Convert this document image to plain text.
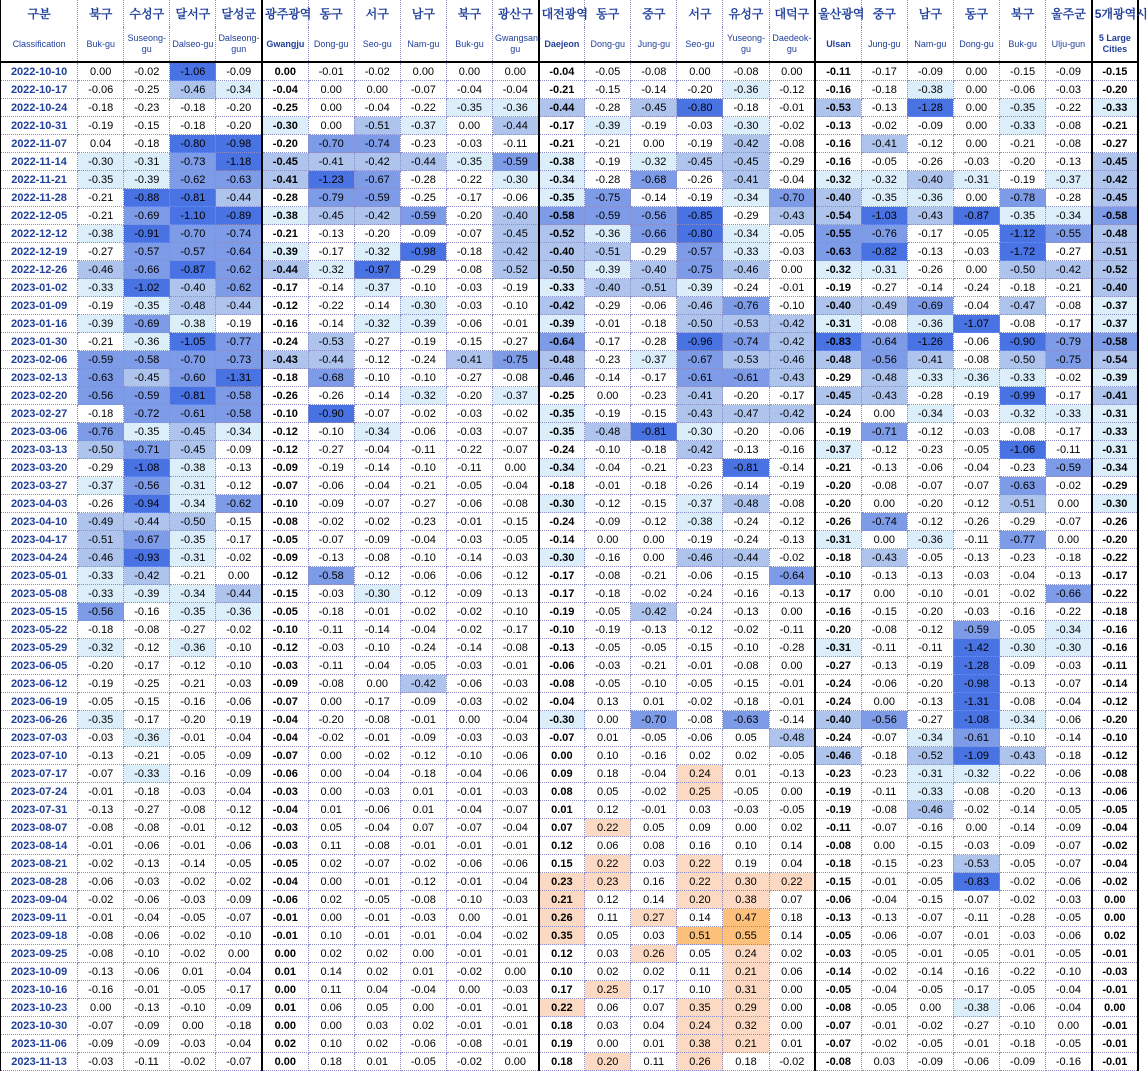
구분	북구	수성구	달서구	달성군	광주광역	동구	서구	남구	북구	광산구	대전광역	동구	중구	서구	유성구	대덕구	울산광역	중구	남구	동구	북구	울주군	5개광역시
Classification	Buk-gu	Suseong-gu	Dalseo-gu	Dalseong-gun	Gwangju	Dong-gu	Seo-gu	Nam-gu	Buk-gu	Gwangsan-gu	Daejeon	Dong-gu	Jung-gu	Seo-gu	Yuseong-gu	Daedeok-gu	Ulsan	Jung-gu	Nam-gu	Dong-gu	Buk-gu	Ulju-gun	5 Large Cities
2022-10-10	0.00	-0.02	-1.06	-0.09	0.00	-0.01	-0.02	0.00	0.00	0.00	-0.04	-0.05	-0.08	0.00	-0.08	0.00	-0.11	-0.17	-0.09	0.00	-0.15	-0.09	-0.15
2022-10-17	-0.06	-0.25	-0.46	-0.34	-0.04	0.00	0.00	-0.07	-0.04	-0.04	-0.21	-0.15	-0.14	-0.20	-0.36	-0.12	-0.16	-0.18	-0.38	0.00	-0.06	-0.03	-0.20
2022-10-24	-0.18	-0.23	-0.18	-0.20	-0.25	0.00	-0.04	-0.22	-0.35	-0.36	-0.44	-0.28	-0.45	-0.80	-0.18	-0.01	-0.53	-0.13	-1.28	0.00	-0.35	-0.22	-0.33
2022-10-31	-0.19	-0.15	-0.18	-0.20	-0.30	0.00	-0.51	-0.37	0.00	-0.44	-0.17	-0.39	-0.19	-0.03	-0.30	-0.02	-0.13	-0.02	-0.09	0.00	-0.33	-0.08	-0.21
2022-11-07	0.04	-0.18	-0.80	-0.98	-0.20	-0.70	-0.74	-0.23	-0.03	-0.11	-0.21	-0.21	0.00	-0.19	-0.42	-0.08	-0.16	-0.41	-0.12	0.00	-0.21	-0.08	-0.27
2022-11-14	-0.30	-0.31	-0.73	-1.18	-0.45	-0.41	-0.42	-0.44	-0.35	-0.59	-0.38	-0.19	-0.32	-0.45	-0.45	-0.29	-0.16	-0.05	-0.26	-0.03	-0.20	-0.13	-0.45
2022-11-21	-0.35	-0.39	-0.62	-0.63	-0.41	-1.23	-0.67	-0.28	-0.22	-0.30	-0.34	-0.28	-0.68	-0.26	-0.41	-0.04	-0.32	-0.32	-0.40	-0.31	-0.19	-0.37	-0.42
2022-11-28	-0.21	-0.88	-0.81	-0.44	-0.28	-0.79	-0.59	-0.25	-0.17	-0.06	-0.35	-0.75	-0.14	-0.19	-0.34	-0.70	-0.40	-0.35	-0.36	0.00	-0.78	-0.28	-0.45
2022-12-05	-0.21	-0.69	-1.10	-0.89	-0.38	-0.45	-0.42	-0.59	-0.20	-0.40	-0.58	-0.59	-0.56	-0.85	-0.29	-0.43	-0.54	-1.03	-0.43	-0.87	-0.35	-0.34	-0.58
2022-12-12	-0.38	-0.91	-0.70	-0.74	-0.21	-0.13	-0.20	-0.09	-0.07	-0.45	-0.52	-0.36	-0.66	-0.80	-0.34	-0.05	-0.55	-0.76	-0.17	-0.05	-1.12	-0.55	-0.48
2022-12-19	-0.27	-0.57	-0.57	-0.64	-0.39	-0.17	-0.32	-0.98	-0.18	-0.42	-0.40	-0.51	-0.29	-0.57	-0.33	-0.03	-0.63	-0.82	-0.13	-0.03	-1.72	-0.27	-0.51
2022-12-26	-0.46	-0.66	-0.87	-0.62	-0.44	-0.32	-0.97	-0.29	-0.08	-0.52	-0.50	-0.39	-0.40	-0.75	-0.46	0.00	-0.32	-0.31	-0.26	0.00	-0.50	-0.42	-0.52
2023-01-02	-0.33	-1.02	-0.40	-0.62	-0.17	-0.14	-0.37	-0.10	-0.03	-0.19	-0.33	-0.40	-0.51	-0.39	-0.24	-0.01	-0.19	-0.27	-0.14	-0.24	-0.18	-0.21	-0.40
2023-01-09	-0.19	-0.35	-0.48	-0.44	-0.12	-0.22	-0.14	-0.30	-0.03	-0.10	-0.42	-0.29	-0.06	-0.46	-0.76	-0.10	-0.40	-0.49	-0.69	-0.04	-0.47	-0.08	-0.37
2023-01-16	-0.39	-0.69	-0.38	-0.19	-0.16	-0.14	-0.32	-0.39	-0.06	-0.01	-0.39	-0.01	-0.18	-0.50	-0.53	-0.42	-0.31	-0.08	-0.36	-1.07	-0.08	-0.17	-0.37
2023-01-30	-0.21	-0.36	-1.05	-0.77	-0.24	-0.53	-0.27	-0.19	-0.15	-0.27	-0.64	-0.17	-0.28	-0.96	-0.74	-0.42	-0.83	-0.64	-1.26	-0.06	-0.90	-0.79	-0.58
2023-02-06	-0.59	-0.58	-0.70	-0.73	-0.43	-0.44	-0.12	-0.24	-0.41	-0.75	-0.48	-0.23	-0.37	-0.67	-0.53	-0.46	-0.48	-0.56	-0.41	-0.08	-0.50	-0.75	-0.54
2023-02-13	-0.63	-0.45	-0.60	-1.31	-0.18	-0.68	-0.10	-0.10	-0.27	-0.08	-0.46	-0.14	-0.17	-0.61	-0.61	-0.43	-0.29	-0.48	-0.33	-0.36	-0.33	-0.02	-0.39
2023-02-20	-0.56	-0.59	-0.81	-0.58	-0.26	-0.26	-0.14	-0.32	-0.20	-0.37	-0.25	0.00	-0.23	-0.41	-0.20	-0.17	-0.45	-0.43	-0.28	-0.19	-0.99	-0.17	-0.41
2023-02-27	-0.18	-0.72	-0.61	-0.58	-0.10	-0.90	-0.07	-0.02	-0.03	-0.02	-0.35	-0.19	-0.15	-0.43	-0.47	-0.42	-0.24	0.00	-0.34	-0.03	-0.32	-0.33	-0.31
2023-03-06	-0.76	-0.35	-0.45	-0.34	-0.12	-0.10	-0.34	-0.06	-0.03	-0.07	-0.35	-0.48	-0.81	-0.30	-0.20	-0.06	-0.19	-0.71	-0.12	-0.03	-0.08	-0.17	-0.33
2023-03-13	-0.50	-0.71	-0.45	-0.09	-0.12	-0.27	-0.04	-0.11	-0.22	-0.07	-0.24	-0.10	-0.18	-0.42	-0.13	-0.16	-0.37	-0.12	-0.23	-0.05	-1.06	-0.11	-0.31
2023-03-20	-0.29	-1.08	-0.38	-0.13	-0.09	-0.19	-0.14	-0.10	-0.11	0.00	-0.34	-0.04	-0.21	-0.23	-0.81	-0.14	-0.21	-0.13	-0.06	-0.04	-0.23	-0.59	-0.34
2023-03-27	-0.37	-0.56	-0.31	-0.12	-0.07	-0.06	-0.04	-0.21	-0.05	-0.04	-0.18	-0.01	-0.18	-0.26	-0.14	-0.19	-0.20	-0.08	-0.07	-0.07	-0.63	-0.02	-0.29
2023-04-03	-0.26	-0.94	-0.34	-0.62	-0.10	-0.09	-0.07	-0.27	-0.06	-0.08	-0.30	-0.12	-0.15	-0.37	-0.48	-0.08	-0.20	0.00	-0.20	-0.12	-0.51	0.00	-0.30
2023-04-10	-0.49	-0.44	-0.50	-0.15	-0.08	-0.02	-0.02	-0.23	-0.01	-0.15	-0.24	-0.09	-0.12	-0.38	-0.24	-0.12	-0.26	-0.74	-0.12	-0.26	-0.29	-0.07	-0.26
2023-04-17	-0.51	-0.67	-0.35	-0.17	-0.05	-0.07	-0.09	-0.04	-0.03	-0.05	-0.14	0.00	0.00	-0.19	-0.24	-0.13	-0.31	0.00	-0.36	-0.11	-0.77	0.00	-0.20
2023-04-24	-0.46	-0.93	-0.31	-0.02	-0.09	-0.13	-0.08	-0.10	-0.14	-0.03	-0.30	-0.16	0.00	-0.46	-0.44	-0.02	-0.18	-0.43	-0.05	-0.13	-0.23	-0.18	-0.22
2023-05-01	-0.33	-0.42	-0.21	0.00	-0.12	-0.58	-0.12	-0.06	-0.06	-0.12	-0.17	-0.08	-0.21	-0.06	-0.15	-0.64	-0.10	-0.13	-0.13	-0.03	-0.04	-0.13	-0.17
2023-05-08	-0.33	-0.39	-0.34	-0.44	-0.15	-0.03	-0.30	-0.12	-0.09	-0.13	-0.17	-0.18	-0.02	-0.24	-0.16	-0.13	-0.17	0.00	-0.10	-0.01	-0.02	-0.66	-0.22
2023-05-15	-0.56	-0.16	-0.35	-0.36	-0.05	-0.18	-0.01	-0.02	-0.02	-0.10	-0.19	-0.05	-0.42	-0.24	-0.13	0.00	-0.16	-0.15	-0.20	-0.03	-0.16	-0.22	-0.18
2023-05-22	-0.18	-0.08	-0.27	-0.02	-0.10	-0.11	-0.14	-0.04	-0.02	-0.17	-0.10	-0.19	-0.13	-0.12	-0.02	-0.11	-0.20	-0.08	-0.12	-0.59	-0.05	-0.34	-0.16
2023-05-29	-0.32	-0.12	-0.36	-0.10	-0.12	-0.03	-0.10	-0.24	-0.14	-0.08	-0.13	-0.05	-0.05	-0.15	-0.10	-0.28	-0.31	-0.11	-0.11	-1.42	-0.30	-0.30	-0.16
2023-06-05	-0.20	-0.17	-0.12	-0.10	-0.03	-0.11	-0.04	-0.05	-0.03	-0.01	-0.06	-0.03	-0.21	-0.01	-0.08	0.00	-0.27	-0.13	-0.19	-1.28	-0.09	-0.03	-0.11
2023-06-12	-0.19	-0.25	-0.21	-0.03	-0.09	-0.08	0.00	-0.42	-0.06	-0.03	-0.08	-0.05	-0.10	-0.05	-0.15	-0.01	-0.24	-0.06	-0.20	-0.98	-0.13	-0.07	-0.14
2023-06-19	-0.05	-0.15	-0.16	-0.06	-0.07	0.00	-0.17	-0.09	-0.03	-0.02	-0.04	0.13	0.01	-0.02	-0.18	-0.01	-0.24	0.00	-0.13	-1.31	-0.08	-0.04	-0.12
2023-06-26	-0.35	-0.17	-0.20	-0.19	-0.04	-0.20	-0.08	-0.01	0.00	-0.04	-0.30	0.00	-0.70	-0.08	-0.63	-0.14	-0.40	-0.56	-0.27	-1.08	-0.34	-0.06	-0.20
2023-07-03	-0.03	-0.36	-0.01	-0.04	-0.04	-0.02	-0.01	-0.09	-0.03	-0.03	-0.07	0.01	-0.05	-0.06	0.05	-0.48	-0.24	-0.07	-0.34	-0.61	-0.10	-0.14	-0.10
2023-07-10	-0.13	-0.21	-0.05	-0.09	-0.07	0.00	-0.02	-0.12	-0.10	-0.06	0.00	0.10	-0.16	0.02	0.02	-0.05	-0.46	-0.18	-0.52	-1.09	-0.43	-0.18	-0.12
2023-07-17	-0.07	-0.33	-0.16	-0.09	-0.06	0.00	-0.04	-0.18	-0.04	-0.06	0.09	0.18	-0.04	0.24	0.01	-0.13	-0.23	-0.23	-0.31	-0.32	-0.22	-0.06	-0.08
2023-07-24	-0.01	-0.18	-0.03	-0.04	-0.03	0.00	-0.03	0.01	-0.01	-0.03	0.08	0.05	-0.02	0.25	-0.05	0.00	-0.19	-0.11	-0.33	-0.08	-0.20	-0.13	-0.06
2023-07-31	-0.13	-0.27	-0.08	-0.12	-0.04	0.01	-0.06	0.01	-0.04	-0.07	0.01	0.12	-0.01	0.03	-0.03	-0.05	-0.19	-0.08	-0.46	-0.02	-0.14	-0.05	-0.05
2023-08-07	-0.08	-0.08	-0.01	-0.12	-0.03	0.05	-0.04	0.07	-0.07	-0.04	0.07	0.22	0.05	0.09	0.00	0.02	-0.11	-0.07	-0.16	0.00	-0.14	-0.09	-0.04
2023-08-14	-0.01	-0.06	-0.01	-0.06	-0.03	0.11	-0.08	-0.01	-0.01	-0.01	0.12	0.06	0.08	0.16	0.10	0.14	-0.08	0.00	-0.15	-0.03	-0.09	-0.07	-0.02
2023-08-21	-0.02	-0.13	-0.14	-0.05	-0.05	0.02	-0.07	-0.02	-0.06	-0.06	0.15	0.22	0.03	0.22	0.19	0.04	-0.18	-0.15	-0.23	-0.53	-0.05	-0.07	-0.04
2023-08-28	-0.06	-0.03	-0.02	-0.02	-0.04	0.00	-0.01	-0.12	-0.01	-0.04	0.23	0.23	0.16	0.22	0.30	0.22	-0.15	-0.01	-0.05	-0.83	-0.02	-0.06	-0.02
2023-09-04	-0.02	-0.06	-0.03	-0.09	-0.06	0.02	-0.05	-0.08	-0.10	-0.03	0.21	0.12	0.14	0.20	0.38	0.07	-0.06	-0.04	-0.15	-0.07	-0.02	-0.03	0.00
2023-09-11	-0.01	-0.04	-0.05	-0.07	-0.01	0.00	-0.01	-0.03	0.00	-0.01	0.26	0.11	0.27	0.14	0.47	0.18	-0.13	-0.13	-0.07	-0.11	-0.28	-0.05	0.00
2023-09-18	-0.08	-0.06	-0.02	-0.10	-0.01	0.10	-0.01	-0.01	-0.04	-0.02	0.35	0.05	0.03	0.51	0.55	0.14	-0.05	-0.06	-0.07	-0.01	-0.03	-0.06	0.02
2023-09-25	-0.08	-0.10	-0.02	0.00	0.00	0.02	0.02	0.00	-0.01	-0.01	0.12	0.03	0.26	0.05	0.24	0.02	-0.03	-0.05	-0.01	-0.05	-0.01	-0.05	-0.01
2023-10-09	-0.13	-0.06	0.01	-0.04	0.01	0.14	0.02	0.01	-0.02	0.00	0.10	0.02	0.02	0.11	0.21	0.06	-0.14	-0.02	-0.14	-0.16	-0.22	-0.10	-0.03
2023-10-16	-0.16	-0.01	-0.05	-0.17	0.00	0.11	0.04	-0.04	0.00	-0.03	0.17	0.25	0.17	0.10	0.31	0.00	-0.05	-0.04	-0.05	-0.17	-0.05	-0.04	-0.01
2023-10-23	0.00	-0.13	-0.10	-0.09	0.01	0.06	0.05	0.00	-0.01	-0.01	0.22	0.06	0.07	0.35	0.29	0.00	-0.08	-0.05	0.00	-0.38	-0.06	-0.04	0.00
2023-10-30	-0.07	-0.09	0.00	-0.18	0.00	0.00	0.03	0.02	-0.01	-0.01	0.18	0.03	0.04	0.24	0.32	0.00	-0.07	-0.01	-0.02	-0.27	-0.10	0.00	-0.01
2023-11-06	-0.09	-0.09	-0.03	-0.04	0.02	0.10	0.02	-0.06	-0.08	-0.01	0.19	0.00	0.01	0.38	0.21	0.01	-0.07	-0.02	-0.05	-0.01	-0.18	-0.05	-0.01
2023-11-13	-0.03	-0.11	-0.02	-0.07	0.00	0.18	0.01	-0.05	-0.02	0.00	0.18	0.20	0.11	0.26	0.18	-0.02	-0.08	0.03	-0.09	-0.06	-0.09	-0.16	-0.01
